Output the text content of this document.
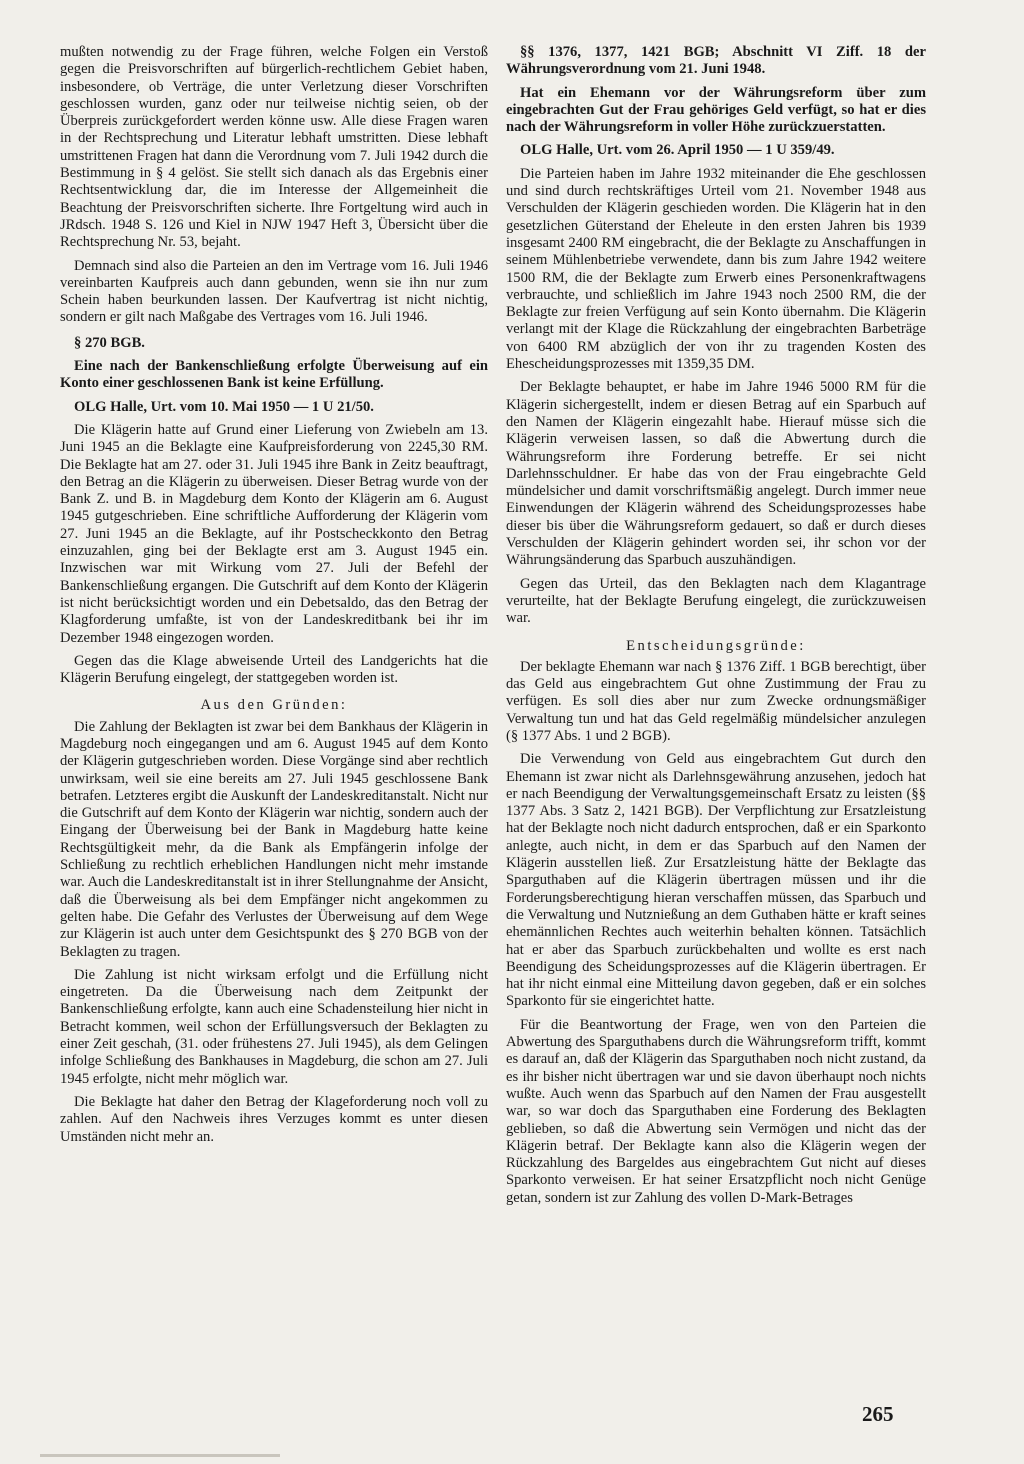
mußten notwendig zu der Frage führen, welche Folgen ein Verstoß gegen die Preisvorschriften auf bürgerlich-rechtlichem Gebiet haben, insbesondere, ob Verträge, die unter Verletzung dieser Vorschriften geschlossen wurden, ganz oder nur teilweise nichtig seien, ob der Überpreis zurückgefordert werden könne usw. Alle diese Fragen waren in der Rechtsprechung und Literatur lebhaft umstritten. Diese lebhaft umstrittenen Fragen hat dann die Verordnung vom 7. Juli 1942 durch die Bestimmung in § 4 gelöst. Sie stellt sich danach als das Ergebnis einer Rechtsentwicklung dar, die im Interesse der Allgemeinheit die Beachtung der Preisvorschriften sicherte. Ihre Fortgeltung wird auch in JRdsch. 1948 S. 126 und Kiel in NJW 1947 Heft 3, Übersicht über die Rechtsprechung Nr. 53, bejaht.

Demnach sind also die Parteien an den im Vertrage vom 16. Juli 1946 vereinbarten Kaufpreis auch dann gebunden, wenn sie ihn nur zum Schein haben beurkunden lassen. Der Kaufvertrag ist nicht nichtig, sondern er gilt nach Maßgabe des Vertrages vom 16. Juli 1946.

§ 270 BGB.
Eine nach der Bankenschließung erfolgte Überweisung auf ein Konto einer geschlossenen Bank ist keine Erfüllung.
OLG Halle, Urt. vom 10. Mai 1950 — 1 U 21/50.

Die Klägerin hatte auf Grund einer Lieferung von Zwiebeln am 13. Juni 1945 an die Beklagte eine Kaufpreisforderung von 2245,30 RM. Die Beklagte hat am 27. oder 31. Juli 1945 ihre Bank in Zeitz beauftragt, den Betrag an die Klägerin zu überweisen. Dieser Betrag wurde von der Bank Z. und B. in Magdeburg dem Konto der Klägerin am 6. August 1945 gutgeschrieben. Eine schriftliche Aufforderung der Klägerin vom 27. Juni 1945 an die Beklagte, auf ihr Postscheckkonto den Betrag einzuzahlen, ging bei der Beklagte erst am 3. August 1945 ein. Inzwischen war mit Wirkung vom 27. Juli der Befehl der Bankenschließung ergangen. Die Gutschrift auf dem Konto der Klägerin ist nicht berücksichtigt worden und ein Debetsaldo, das den Betrag der Klagforderung umfaßte, ist von der Landeskreditbank bei ihr im Dezember 1948 eingezogen worden.

Gegen das die Klage abweisende Urteil des Landgerichts hat die Klägerin Berufung eingelegt, der stattgegeben worden ist.

Aus den Gründen:

Die Zahlung der Beklagten ist zwar bei dem Bankhaus der Klägerin in Magdeburg noch eingegangen und am 6. August 1945 auf dem Konto der Klägerin gutgeschrieben worden. Diese Vorgänge sind aber rechtlich unwirksam, weil sie eine bereits am 27. Juli 1945 geschlossene Bank betrafen. Letzteres ergibt die Auskunft der Landeskreditanstalt. Nicht nur die Gutschrift auf dem Konto der Klägerin war nichtig, sondern auch der Eingang der Überweisung bei der Bank in Magdeburg hatte keine Rechtsgültigkeit mehr, da die Bank als Empfängerin infolge der Schließung zu rechtlich erheblichen Handlungen nicht mehr imstande war. Auch die Landeskreditanstalt ist in ihrer Stellungnahme der Ansicht, daß die Überweisung als bei dem Empfänger nicht angekommen zu gelten habe. Die Gefahr des Verlustes der Überweisung auf dem Wege zur Klägerin ist auch unter dem Gesichtspunkt des § 270 BGB von der Beklagten zu tragen.

Die Zahlung ist nicht wirksam erfolgt und die Erfüllung nicht eingetreten. Da die Überweisung nach dem Zeitpunkt der Bankenschließung erfolgte, kann auch eine Schadensteilung hier nicht in Betracht kommen, weil schon der Erfüllungsversuch der Beklagten zu einer Zeit geschah, (31. oder frühestens 27. Juli 1945), als dem Gelingen infolge Schließung des Bankhauses in Magdeburg, die schon am 27. Juli 1945 erfolgte, nicht mehr möglich war.

Die Beklagte hat daher den Betrag der Klageforderung noch voll zu zahlen. Auf den Nachweis ihres Verzuges kommt es unter diesen Umständen nicht mehr an.

§§ 1376, 1377, 1421 BGB; Abschnitt VI Ziff. 18 der Währungsverordnung vom 21. Juni 1948.
Hat ein Ehemann vor der Währungsreform über zum eingebrachten Gut der Frau gehöriges Geld verfügt, so hat er dies nach der Währungsreform in voller Höhe zurückzuerstatten.
OLG Halle, Urt. vom 26. April 1950 — 1 U 359/49.

Die Parteien haben im Jahre 1932 miteinander die Ehe geschlossen und sind durch rechtskräftiges Urteil vom 21. November 1948 aus Verschulden der Klägerin geschieden worden. Die Klägerin hat in den gesetzlichen Güterstand der Eheleute in den ersten Jahren bis 1939 insgesamt 2400 RM eingebracht, die der Beklagte zu Anschaffungen in seinem Mühlenbetriebe verwendete, dann bis zum Jahre 1942 weitere 1500 RM, die der Beklagte zum Erwerb eines Personenkraftwagens verbrauchte, und schließlich im Jahre 1943 noch 2500 RM, die der Beklagte zur freien Verfügung auf sein Konto übernahm. Die Klägerin verlangt mit der Klage die Rückzahlung der eingebrachten Barbeträge von 6400 RM abzüglich der von ihr zu tragenden Kosten des Ehescheidungsprozesses mit 1359,35 DM.

Der Beklagte behauptet, er habe im Jahre 1946 5000 RM für die Klägerin sichergestellt, indem er diesen Betrag auf ein Sparbuch auf den Namen der Klägerin eingezahlt habe. Hierauf müsse sich die Klägerin verweisen lassen, so daß die Abwertung durch die Währungsreform ihre Forderung betreffe. Er sei nicht Darlehnsschuldner. Er habe das von der Frau eingebrachte Geld mündelsicher und damit vorschriftsmäßig angelegt. Durch immer neue Einwendungen der Klägerin während des Scheidungsprozesses habe dieser bis über die Währungsreform gedauert, so daß er durch dieses Verschulden der Klägerin gehindert worden sei, ihr schon vor der Währungsänderung das Sparbuch auszuhändigen.

Gegen das Urteil, das den Beklagten nach dem Klagantrage verurteilte, hat der Beklagte Berufung eingelegt, die zurückzuweisen war.

Entscheidungsgründe:

Der beklagte Ehemann war nach § 1376 Ziff. 1 BGB berechtigt, über das Geld aus eingebrachtem Gut ohne Zustimmung der Frau zu verfügen. Es soll dies aber nur zum Zwecke ordnungsmäßiger Verwaltung tun und hat das Geld regelmäßig mündelsicher anzulegen (§ 1377 Abs. 1 und 2 BGB).

Die Verwendung von Geld aus eingebrachtem Gut durch den Ehemann ist zwar nicht als Darlehnsgewährung anzusehen, jedoch hat er nach Beendigung der Verwaltungsgemeinschaft Ersatz zu leisten (§§ 1377 Abs. 3 Satz 2, 1421 BGB). Der Verpflichtung zur Ersatzleistung hat der Beklagte noch nicht dadurch entsprochen, daß er ein Sparkonto anlegte, auch nicht, in dem er das Sparbuch auf den Namen der Klägerin ausstellen ließ. Zur Ersatzleistung hätte der Beklagte das Sparguthaben auf die Klägerin übertragen müssen und ihr die Forderungsberechtigung hieran verschaffen müssen, das Sparbuch und die Verwaltung und Nutznießung an dem Guthaben hätte er kraft seines ehemännlichen Rechtes auch weiterhin behalten können. Tatsächlich hat er aber das Sparbuch zurückbehalten und wollte es erst nach Beendigung des Scheidungsprozesses auf die Klägerin übertragen. Er hat ihr nicht einmal eine Mitteilung davon gegeben, daß er ein solches Sparkonto für sie eingerichtet hatte.

Für die Beantwortung der Frage, wen von den Parteien die Abwertung des Sparguthabens durch die Währungsreform trifft, kommt es darauf an, daß der Klägerin das Sparguthaben noch nicht zustand, da es ihr bisher nicht übertragen war und sie davon überhaupt noch nichts wußte. Auch wenn das Sparbuch auf den Namen der Frau ausgestellt war, so war doch das Sparguthaben eine Forderung des Beklagten geblieben, so daß die Abwertung sein Vermögen und nicht das der Klägerin betraf. Der Beklagte kann also die Klägerin wegen der Rückzahlung des Bargeldes aus eingebrachtem Gut nicht auf dieses Sparkonto verweisen. Er hat seiner Ersatzpflicht noch nicht Genüge getan, sondern ist zur Zahlung des vollen D-Mark-Betrages

265
